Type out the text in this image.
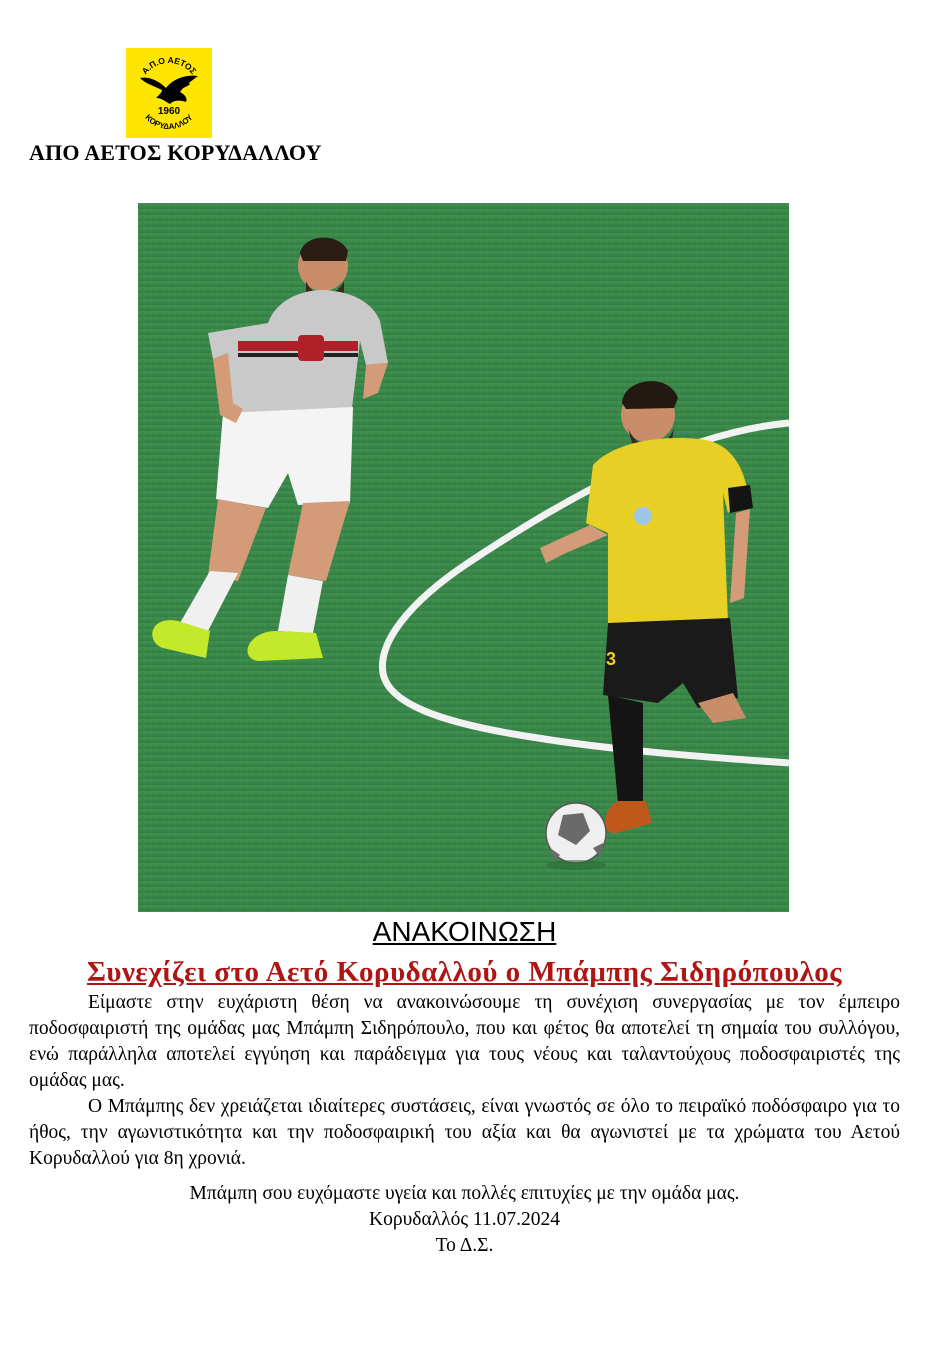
Α.Π.Ο ΑΕΤΟΣ
ΚΟΡΥΔΑΛΛΟΥ
1960
ΑΠΟ ΑΕΤΟΣ ΚΟΡΥΔΑΛΛΟΥ
3
ΑΝΑΚΟΙΝΩΣΗ
Συνεχίζει στο Αετό Κορυδαλλού ο Μπάμπης Σιδηρόπουλος

Είμαστε στην ευχάριστη θέση να ανακοινώσουμε τη συνέχιση συνεργασίας με τον έμπειρο ποδοσφαιριστή της ομάδας μας Μπάμπη Σιδηρόπουλο, που και φέτος θα αποτελεί τη σημαία του συλλόγου, ενώ παράλληλα αποτελεί εγγύηση και παράδειγμα για τους νέους και ταλαντούχους ποδοσφαιριστές της ομάδας μας.

Ο Μπάμπης δεν χρειάζεται ιδιαίτερες συστάσεις, είναι γνωστός σε όλο το πειραϊκό ποδόσφαιρο για το ήθος, την αγωνιστικότητα και την ποδοσφαιρική του αξία και θα αγωνιστεί με τα χρώματα του Αετού Κορυδαλλού για 8η χρονιά.

Μπάμπη σου ευχόμαστε υγεία και πολλές επιτυχίες με την ομάδα μας.
Κορυδαλλός 11.07.2024
Το Δ.Σ.
